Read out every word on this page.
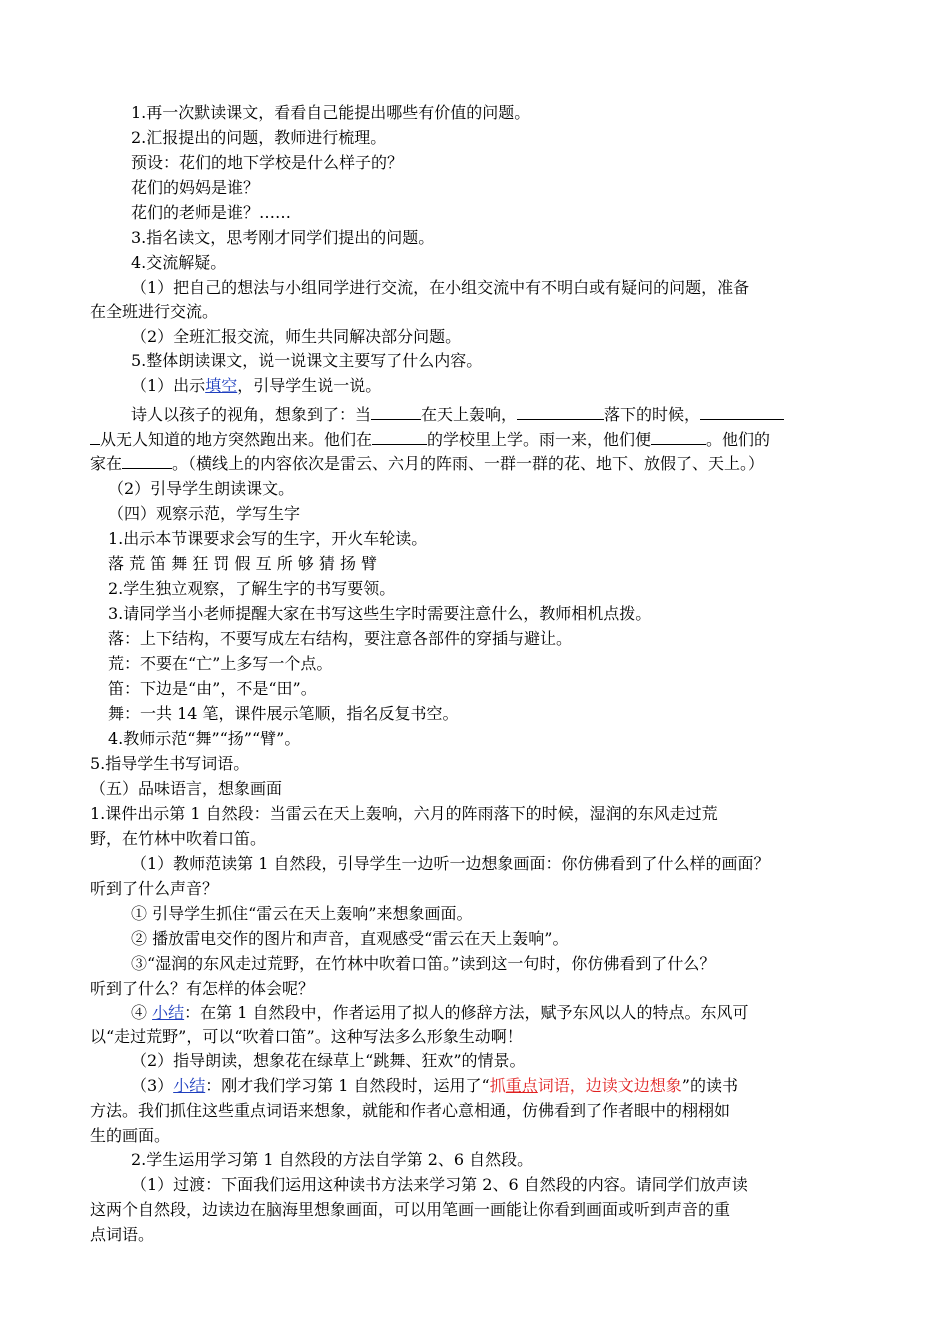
1.再一次默读课文，看看自己能提出哪些有价值的问题。
2.汇报提出的问题，教师进行梳理。
预设：花们的地下学校是什么样子的？
花们的妈妈是谁？
花们的老师是谁？……
3.指名读文，思考刚才同学们提出的问题。
4.交流解疑。
（1）把自己的想法与小组同学进行交流，在小组交流中有不明白或有疑问的问题，准备
在全班进行交流。
（2）全班汇报交流，师生共同解决部分问题。
5.整体朗读课文，说一说课文主要写了什么内容。
（1）出示填空，引导学生说一说。
诗人以孩子的视角，想象到了：当	在天上轰响，	落下的时候，
从无人知道的地方突然跑出来。他们在	的学校里上学。雨一来，他们便	。他们的
家在	。（横线上的内容依次是雷云、六月的阵雨、一群一群的花、地下、放假了、天上。）
（2）引导学生朗读课文。
（四）观察示范，学写生字
1.出示本节课要求会写的生字，开火车轮读。
落 荒 笛 舞 狂 罚 假 互 所 够 猜 扬 臂
2.学生独立观察，了解生字的书写要领。
3.请同学当小老师提醒大家在书写这些生字时需要注意什么，教师相机点拨。
落：上下结构，不要写成左右结构，要注意各部件的穿插与避让。
荒：不要在“亡”上多写一个点。
笛：下边是“由”，不是“田”。
舞：一共 14 笔，课件展示笔顺，指名反复书空。
4.教师示范“舞”“扬”“臂”。
5.指导学生书写词语。
（五）品味语言，想象画面
1.课件出示第 1 自然段：当雷云在天上轰响，六月的阵雨落下的时候，湿润的东风走过荒
野，在竹林中吹着口笛。
（1）教师范读第 1 自然段，引导学生一边听一边想象画面：你仿佛看到了什么样的画面？
听到了什么声音？
① 引导学生抓住“雷云在天上轰响”来想象画面。
② 播放雷电交作的图片和声音，直观感受“雷云在天上轰响”。
③“湿润的东风走过荒野，在竹林中吹着口笛。”读到这一句时，你仿佛看到了什么？
听到了什么？有怎样的体会呢？
④ 小结：在第 1 自然段中，作者运用了拟人的修辞方法，赋予东风以人的特点。东风可
以“走过荒野”，可以“吹着口笛”。这种写法多么形象生动啊！
（2）指导朗读，想象花在绿草上“跳舞、狂欢”的情景。
（3）小结：刚才我们学习第 1 自然段时，运用了“抓重点词语，边读文边想象”的读书
方法。我们抓住这些重点词语来想象，就能和作者心意相通，仿佛看到了作者眼中的栩栩如
生的画面。
2.学生运用学习第 1 自然段的方法自学第 2、6 自然段。
（1）过渡：下面我们运用这种读书方法来学习第 2、6 自然段的内容。请同学们放声读
这两个自然段，边读边在脑海里想象画面，可以用笔画一画能让你看到画面或听到声音的重
点词语。
